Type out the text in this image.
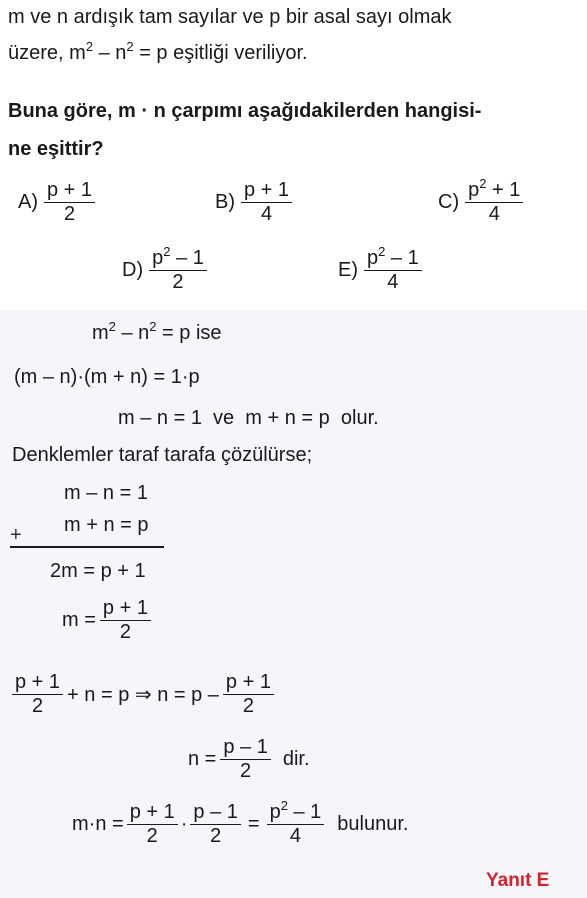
m ve n ardışık tam sayılar ve p bir asal sayı olmak
üzere, $m^2 - n^2 = p$ eşitliği veriliyor.
Buna göre, m · n çarpımı aşağıdakilerden hangisi-
ne eşittir?
$A) \frac{p + 1}{2}$	$B) \frac{p + 1}{4}$	$C) \frac{p^2 + 1}{4}$
$D) \frac{p^2 - 1}{2}$	$E) \frac{p^2 - 1}{4}$
$m^2 - n^2 = p$ ise
(m – n)·(m + n) = 1·p
m – n = 1  ve  m + n = p  olur.
Denklemler taraf tarafa çözülürse;
m – n = 1
m + n = p
+
2m = p + 1
$m = \frac{p + 1}{2}$
$\frac{p + 1}{2} + n = p$ ⇒ $n = p - \frac{p + 1}{2}$
$n = \frac{p - 1}{2}$ dir.
$m\cdot n = \frac{p + 1}{2} \cdot \frac{p - 1}{2} = \frac{p^2 - 1}{4}$ bulunur.
Yanıt E
